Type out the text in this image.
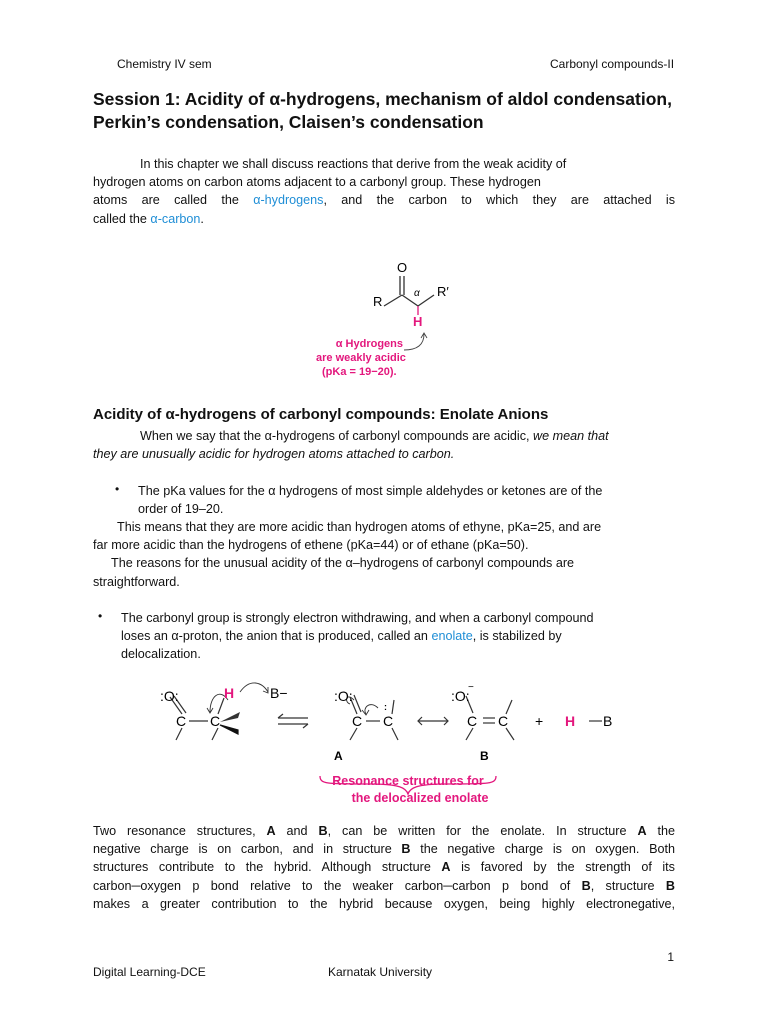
Chemistry IV sem	Carbonyl compounds-II
Session 1: Acidity of α-hydrogens, mechanism of aldol condensation,
Perkin’s condensation, Claisen’s condensation
In this chapter we shall discuss reactions that derive from the weak acidity of
hydrogen atoms on carbon atoms adjacent to a carbonyl group. These hydrogen
atoms are called the α-hydrogens, and the carbon to which they are attached is
called the α-carbon.
O
R
R′
α
H
α Hydrogens
are weakly acidic
(pKa = 19−20).
Acidity of α-hydrogens of carbonyl compounds: Enolate Anions
When we say that the α-hydrogens of carbonyl compounds are acidic, we mean that
they are unusually acidic for hydrogen atoms attached to carbon.
• The pKa values for the α hydrogens of most simple aldehydes or ketones are of the
order of 19–20.
This means that they are more acidic than hydrogen atoms of ethyne, pKa=25, and are
far more acidic than the hydrogens of ethene (pKa=44) or of ethane (pKa=50).
The reasons for the unusual acidity of the α–hydrogens of carbonyl compounds are
straightforward.
• The carbonyl group is strongly electron withdrawing, and when a carbonyl compound
loses an α-proton, the anion that is produced, called an enolate, is stabilized by
delocalization.
:O:
C C
H	B−	:O:
C C
:
:O:
C C
−
+ H B
A	B
Resonance structures for
the delocalized enolate
Two resonance structures, A and B, can be written for the enolate. In structure A the
negative charge is on carbon, and in structure B the negative charge is on oxygen. Both
structures contribute to the hybrid. Although structure A is favored by the strength of its
carbon─oxygen p bond relative to the weaker carbon─carbon p bond of B, structure B
makes a greater contribution to the hybrid because oxygen, being highly electronegative,
1
Digital Learning-DCE	Karnatak University
